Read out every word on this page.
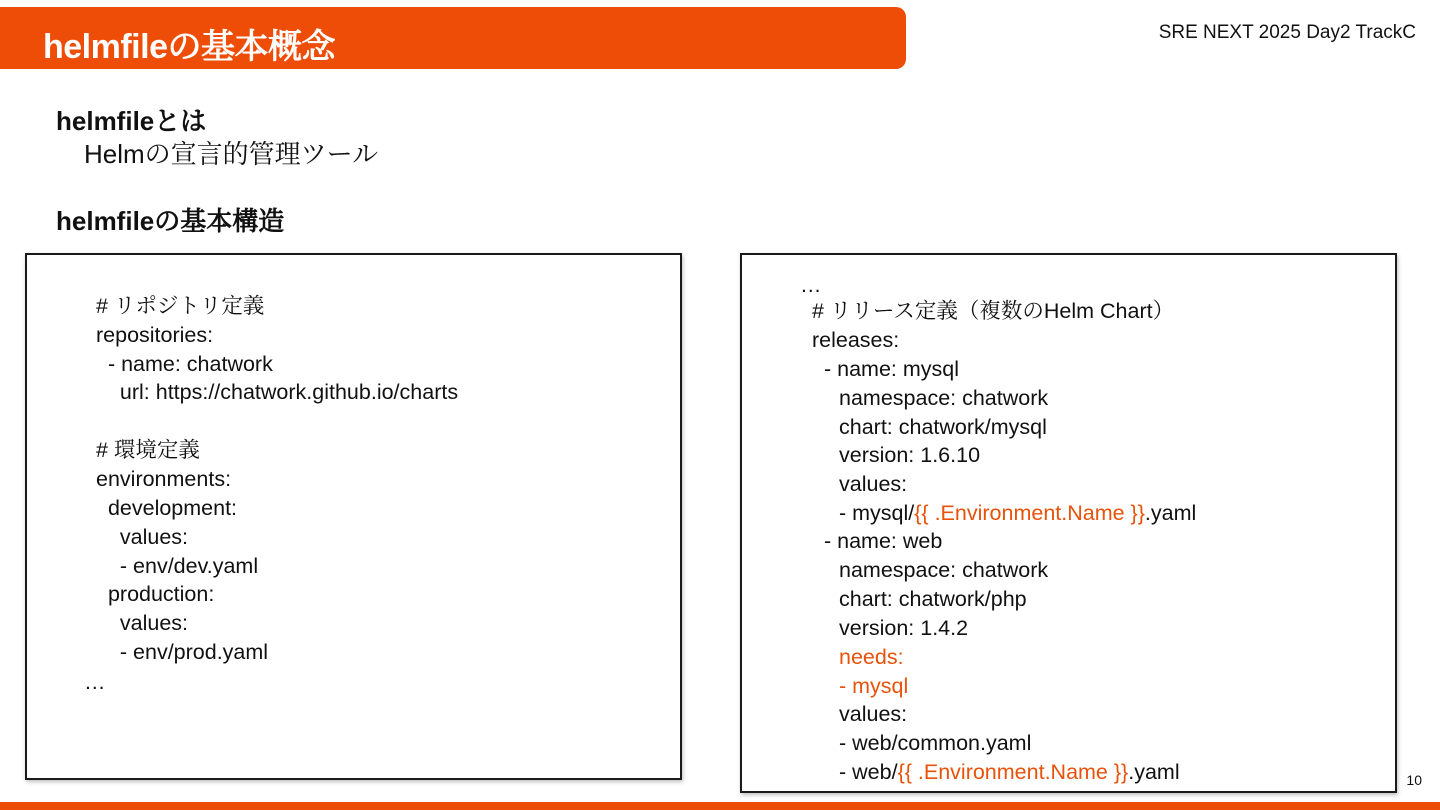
helmfileの基本概念	SRE NEXT 2025 Day2 TrackC
helmfileとは
Helmの宣言的管理ツール
helmfileの基本構造
# リポジトリ定義
repositories:
- name: chatwork
url: https://chatwork.github.io/charts
# 環境定義
environments:
development:
values:
- env/dev.yaml
production:
values:
- env/prod.yaml
…
…
# リリース定義（複数のHelm Chart）
releases:
- name: mysql
namespace: chatwork
chart: chatwork/mysql
version: 1.6.10
values:
- mysql/{{ .Environment.Name }}.yaml
- name: web
namespace: chatwork
chart: chatwork/php
version: 1.4.2
needs:
- mysql
values:
- web/common.yaml
- web/{{ .Environment.Name }}.yaml	10
